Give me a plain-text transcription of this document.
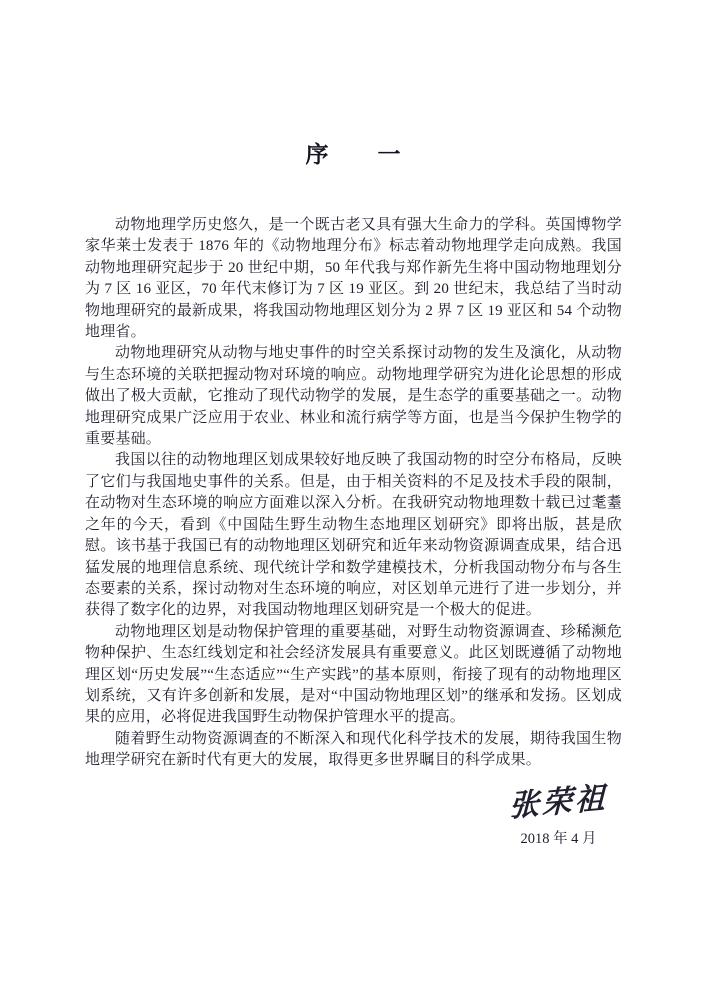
序　　一

动物地理学历史悠久，是一个既古老又具有强大生命力的学科。英国博物学家华莱士发表于 1876 年的《动物地理分布》标志着动物地理学走向成熟。我国动物地理研究起步于 20 世纪中期，50 年代我与郑作新先生将中国动物地理划分为 7 区 16 亚区，70 年代末修订为 7 区 19 亚区。到 20 世纪末，我总结了当时动物地理研究的最新成果，将我国动物地理区划分为 2 界 7 区 19 亚区和 54 个动物地理省。

动物地理研究从动物与地史事件的时空关系探讨动物的发生及演化，从动物与生态环境的关联把握动物对环境的响应。动物地理学研究为进化论思想的形成做出了极大贡献，它推动了现代动物学的发展，是生态学的重要基础之一。动物地理研究成果广泛应用于农业、林业和流行病学等方面，也是当今保护生物学的重要基础。

我国以往的动物地理区划成果较好地反映了我国动物的时空分布格局，反映了它们与我国地史事件的关系。但是，由于相关资料的不足及技术手段的限制，在动物对生态环境的响应方面难以深入分析。在我研究动物地理数十载已过耄耋之年的今天，看到《中国陆生野生动物生态地理区划研究》即将出版，甚是欣慰。该书基于我国已有的动物地理区划研究和近年来动物资源调查成果，结合迅猛发展的地理信息系统、现代统计学和数学建模技术，分析我国动物分布与各生态要素的关系，探讨动物对生态环境的响应，对区划单元进行了进一步划分，并获得了数字化的边界，对我国动物地理区划研究是一个极大的促进。

动物地理区划是动物保护管理的重要基础，对野生动物资源调查、珍稀濒危物种保护、生态红线划定和社会经济发展具有重要意义。此区划既遵循了动物地理区划“历史发展”“生态适应”“生产实践”的基本原则，衔接了现有的动物地理区划系统，又有许多创新和发展，是对“中国动物地理区划”的继承和发扬。区划成果的应用，必将促进我国野生动物保护管理水平的提高。

随着野生动物资源调查的不断深入和现代化科学技术的发展，期待我国生物地理学研究在新时代有更大的发展，取得更多世界瞩目的科学成果。

张荣祖
2018 年 4 月
